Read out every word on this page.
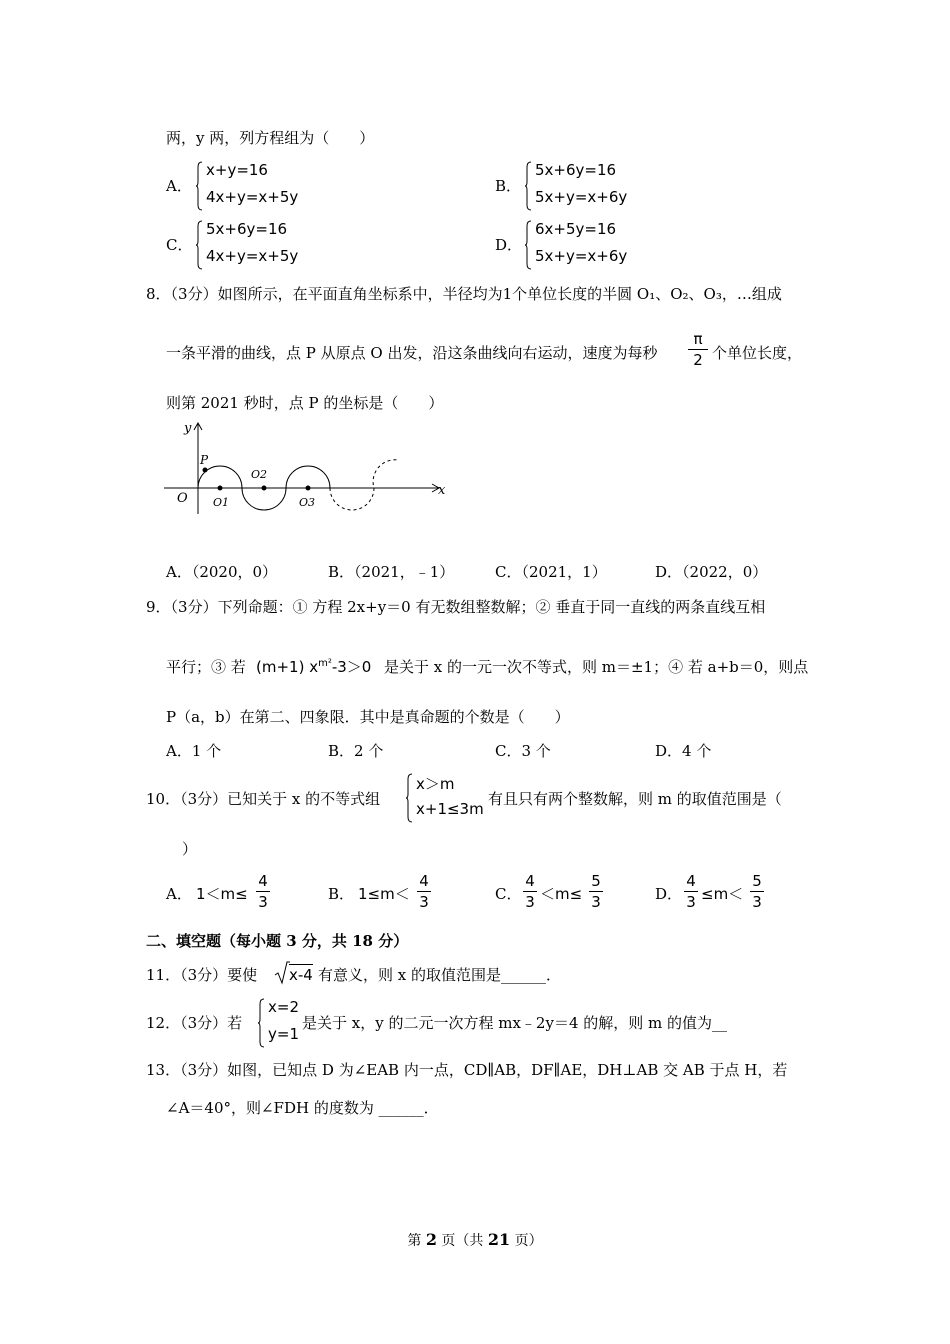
两，y 两，列方程组为（　　）
A．
x+y=16
4x+y=x+5y
B．
5x+6y=16
5x+y=x+6y
C．
5x+6y=16
4x+y=x+5y
D．
6x+5y=16
5x+y=x+6y
8．（3分）如图所示，在平面直角坐标系中，半径均为1个单位长度的半圆 O₁、O₂、O₃，…组成
一条平滑的曲线，点 P 从原点 O 出发，沿这条曲线向右运动，速度为每秒
π
2 个单位长度，
则第 2021 秒时，点 P 的坐标是（　　）
y
x
O
P
O1
O2
O3
A．（2020，0）	B．（2021，﹣1）	C．（2021，1）	D．（2022，0）
9．（3分）下列命题：① 方程 2x+y＝0 有无数组整数解；② 垂直于同一直线的两条直线互相
平行；③ 若 (m+1) $x^{m^2}-3>0$ 是关于 x 的一元一次不等式，则 m＝±1；④ 若 a+b＝0，则点
P（a，b）在第二、四象限．其中是真命题的个数是（　　）
A．1 个	B．2 个	C．3 个	D．4 个
10．（3分）已知关于 x 的不等式组
x＞m
x+1≤3m
有且只有两个整数解，则 m 的取值范围是（
）
A． 1＜m≤
4
3	B． 1≤m＜
4
3	C．
4
3 ＜m≤
5
3	D．
4
3 ≤m＜
5
3
二、填空题（每小题 3 分，共 18 分）
11．（3分）要使 x-4 有意义，则 x 的取值范围是______．
12．（3分）若
x=2
y=1
是关于 x，y 的二元一次方程 mx﹣2y＝4 的解，则 m 的值为__
13．（3分）如图，已知点 D 为∠EAB 内一点，CD∥AB，DF∥AE，DH⊥AB 交 AB 于点 H，若
∠A＝40°，则∠FDH 的度数为 ______．
第 2 页（共 21 页）
